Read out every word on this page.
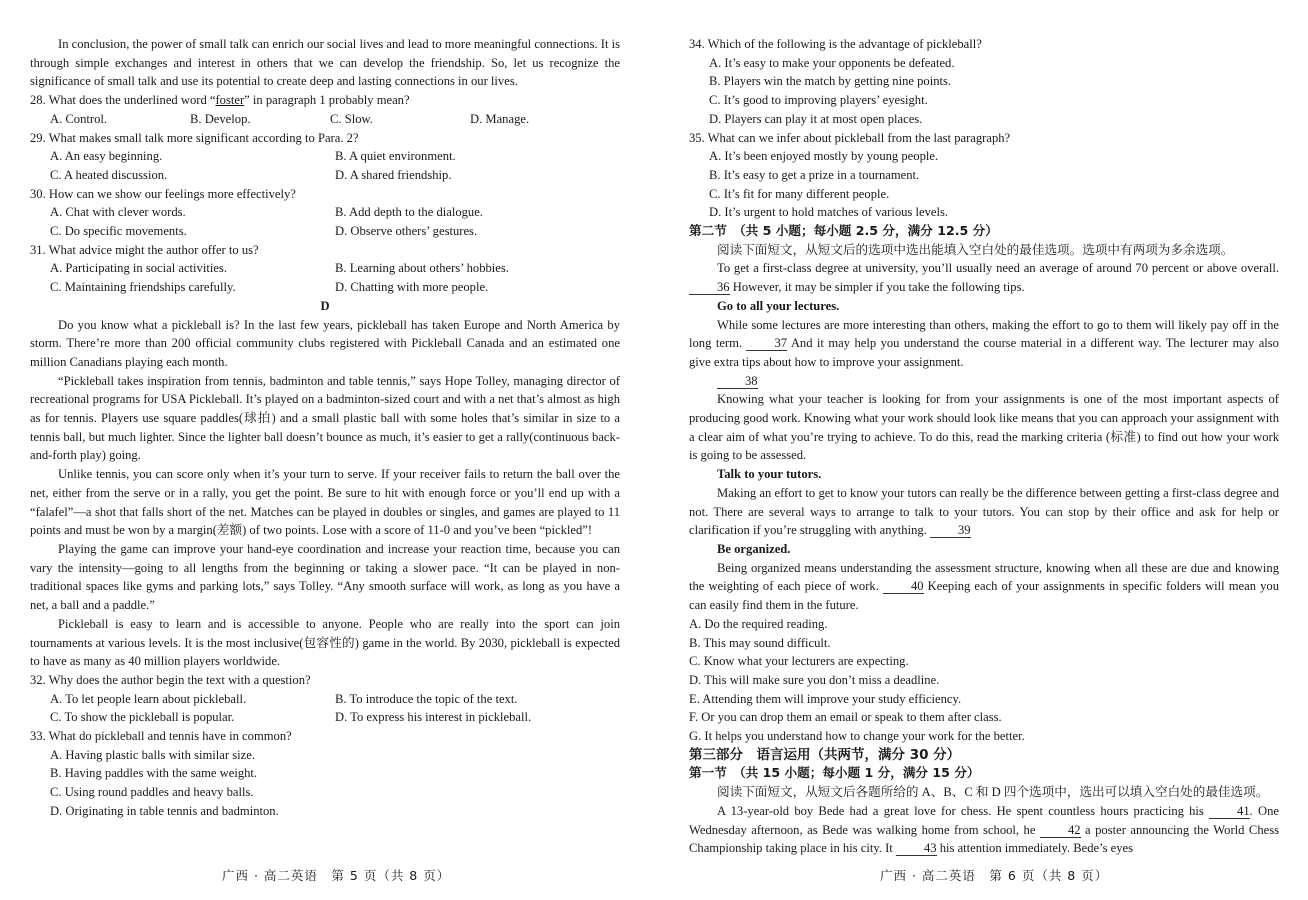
In conclusion, the power of small talk can enrich our social lives and lead to more meaningful connections. It is through simple exchanges and interest in others that we can develop the friendship. So, let us recognize the significance of small talk and use its potential to create deep and lasting connections in our lives.

28. What does the underlined word “foster” in paragraph 1 probably mean?

A. Control.	B. Develop.	C. Slow.	D. Manage.

29. What makes small talk more significant according to Para. 2?

A. An easy beginning.	B. A quiet environment.
C. A heated discussion.	D. A shared friendship.

30. How can we show our feelings more effectively?

A. Chat with clever words.	B. Add depth to the dialogue.
C. Do specific movements.	D. Observe others’ gestures.

31. What advice might the author offer to us?

A. Participating in social activities.	B. Learning about others’ hobbies.
C. Maintaining friendships carefully.	D. Chatting with more people.

D

Do you know what a pickleball is? In the last few years, pickleball has taken Europe and North America by storm. There’re more than 200 official community clubs registered with Pickleball Canada and an estimated one million Canadians playing each month.

“Pickleball takes inspiration from tennis, badminton and table tennis,” says Hope Tolley, managing director of recreational programs for USA Pickleball. It’s played on a badminton-sized court and with a net that’s almost as high as for tennis. Players use square paddles(球拍) and a small plastic ball with some holes that’s similar in size to a tennis ball, but much lighter. Since the lighter ball doesn’t bounce as much, it’s easier to get a rally(continuous back-and-forth play) going.

Unlike tennis, you can score only when it’s your turn to serve. If your receiver fails to return the ball over the net, either from the serve or in a rally, you get the point. Be sure to hit with enough force or you’ll end up with a “falafel”—a shot that falls short of the net. Matches can be played in doubles or singles, and games are played to 11 points and must be won by a margin(差额) of two points. Lose with a score of 11-0 and you’ve been “pickled”!

Playing the game can improve your hand-eye coordination and increase your reaction time, because you can vary the intensity—going to all lengths from the beginning or taking a slower pace. “It can be played in non-traditional spaces like gyms and parking lots,” says Tolley. “Any smooth surface will work, as long as you have a net, a ball and a paddle.”

Pickleball is easy to learn and is accessible to anyone. People who are really into the sport can join tournaments at various levels. It is the most inclusive(包容性的) game in the world. By 2030, pickleball is expected to have as many as 40 million players worldwide.

32. Why does the author begin the text with a question?

A. To let people learn about pickleball.	B. To introduce the topic of the text.
C. To show the pickleball is popular.	D. To express his interest in pickleball.

33. What do pickleball and tennis have in common?

A. Having plastic balls with similar size.

B. Having paddles with the same weight.

C. Using round paddles and heavy balls.

D. Originating in table tennis and badminton.

34. Which of the following is the advantage of pickleball?

A. It’s easy to make your opponents be defeated.

B. Players win the match by getting nine points.

C. It’s good to improving players’ eyesight.

D. Players can play it at most open places.

35. What can we infer about pickleball from the last paragraph?

A. It’s been enjoyed mostly by young people.

B. It’s easy to get a prize in a tournament.

C. It’s fit for many different people.

D. It’s urgent to hold matches of various levels.

第二节　（共 5 小题；每小题 2.5 分，满分 12.5 分）

阅读下面短文，从短文后的选项中选出能填入空白处的最佳选项。选项中有两项为多余选项。

To get a first-class degree at university, you’ll usually need an average of around 70 percent or above overall. 36 However, it may be simpler if you take the following tips.

Go to all your lectures.

While some lectures are more interesting than others, making the effort to go to them will likely pay off in the long term.	37 And it may help you understand the course material in a different way. The lecturer may also give extra tips about how to improve your assignment.

38

Knowing what your teacher is looking for from your assignments is one of the most important aspects of producing good work. Knowing what your work should look like means that you can approach your assignment with a clear aim of what you’re trying to achieve. To do this, read the marking criteria (标准) to find out how your work is going to be assessed.

Talk to your tutors.

Making an effort to get to know your tutors can really be the difference between getting a first-class degree and not. There are several ways to arrange to talk to your tutors. You can stop by their office and ask for help or clarification if you’re struggling with anything. 39

Be organized.

Being organized means understanding the assessment structure, knowing when all these are due and knowing the weighting of each piece of work.	40 Keeping each of your assignments in specific folders will mean you can easily find them in the future.

A. Do the required reading.

B. This may sound difficult.

C. Know what your lecturers are expecting.

D. This will make sure you don’t miss a deadline.

E. Attending them will improve your study efficiency.

F. Or you can drop them an email or speak to them after class.

G. It helps you understand how to change your work for the better.

第三部分　语言运用（共两节，满分 30 分）

第一节　（共 15 小题；每小题 1 分，满分 15 分）

阅读下面短文，从短文后各题所给的 A、B、C 和 D 四个选项中，选出可以填入空白处的最佳选项。

A 13-year-old boy Bede had a great love for chess. He spent countless hours practicing his	41. One Wednesday afternoon, as Bede was walking home from school, he	42 a poster announcing the World Chess Championship taking place in his city. It 43 his attention immediately. Bede’s eyes

广西 · 高二英语　第 5 页（共 8 页）	广西 · 高二英语　第 6 页（共 8 页）
